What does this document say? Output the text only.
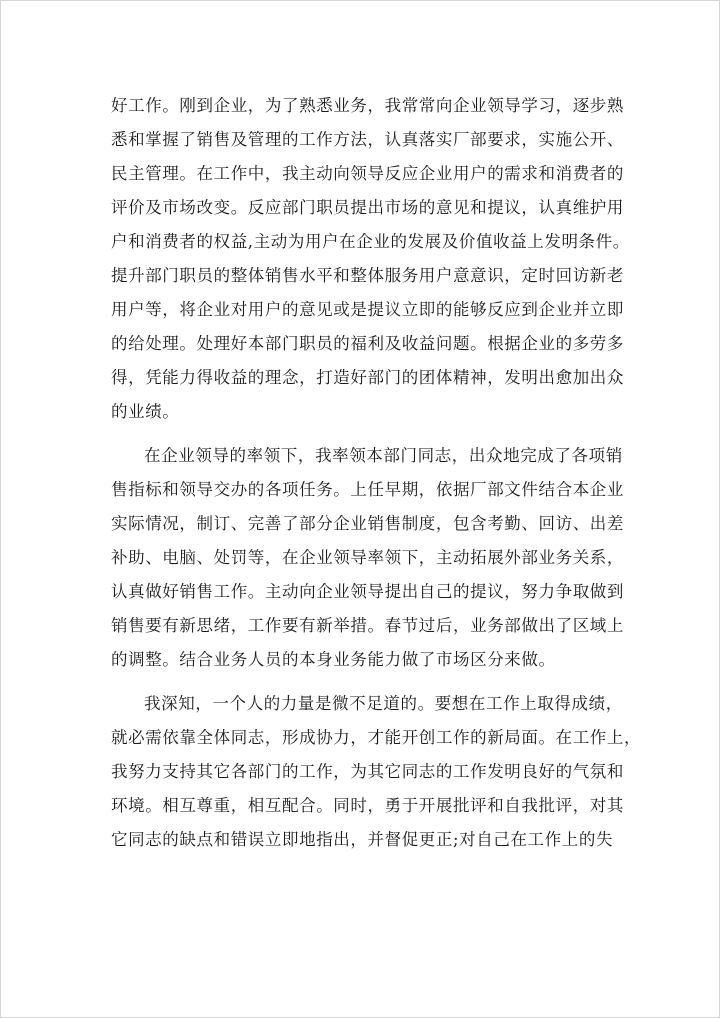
好工作。刚到企业，为了熟悉业务，我常常向企业领导学习，逐步熟
悉和掌握了销售及管理的工作方法，认真落实厂部要求，实施公开、
民主管理。在工作中，我主动向领导反应企业用户的需求和消费者的
评价及市场改变。反应部门职员提出市场的意见和提议，认真维护用
户和消费者的权益,主动为用户在企业的发展及价值收益上发明条件。
提升部门职员的整体销售水平和整体服务用户意意识，定时回访新老
用户等，将企业对用户的意见或是提议立即的能够反应到企业并立即
的给处理。处理好本部门职员的福利及收益问题。根据企业的多劳多
得，凭能力得收益的理念，打造好部门的团体精神，发明出愈加出众
的业绩。
在企业领导的率领下，我率领本部门同志，出众地完成了各项销
售指标和领导交办的各项任务。上任早期，依据厂部文件结合本企业
实际情况，制订、完善了部分企业销售制度，包含考勤、回访、出差
补助、电脑、处罚等，在企业领导率领下，主动拓展外部业务关系，
认真做好销售工作。主动向企业领导提出自己的提议，努力争取做到
销售要有新思绪，工作要有新举措。春节过后，业务部做出了区域上
的调整。结合业务人员的本身业务能力做了市场区分来做。
我深知，一个人的力量是微不足道的。要想在工作上取得成绩，
就必需依靠全体同志，形成协力，才能开创工作的新局面。在工作上，
我努力支持其它各部门的工作，为其它同志的工作发明良好的气氛和
环境。相互尊重，相互配合。同时，勇于开展批评和自我批评，对其
它同志的缺点和错误立即地指出，并督促更正;对自己在工作上的失
